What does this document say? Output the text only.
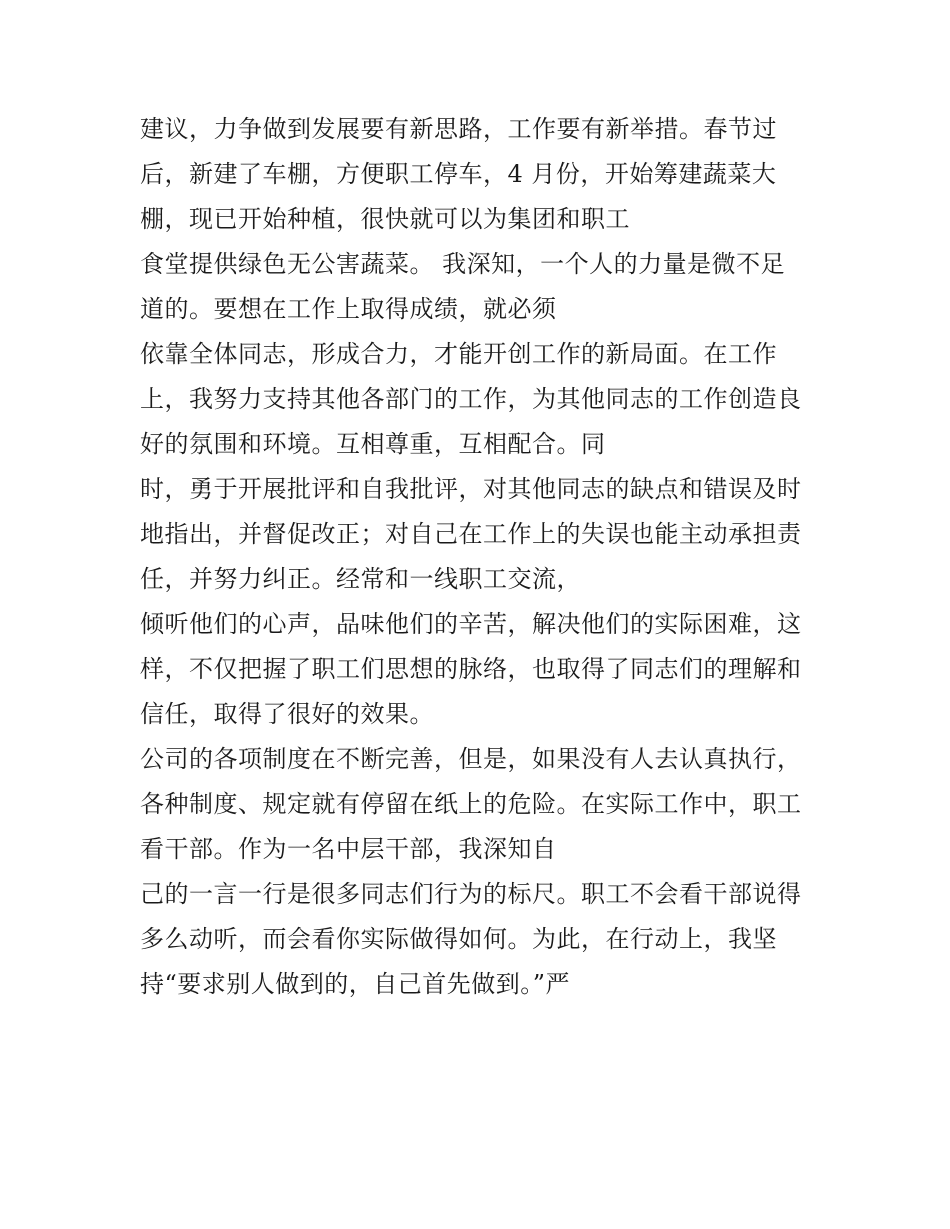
建议，力争做到发展要有新思路，工作要有新举措。春节过
后，新建了车棚，方便职工停车，4 月份，开始筹建蔬菜大
棚，现已开始种植，很快就可以为集团和职工
食堂提供绿色无公害蔬菜。 我深知，一个人的力量是微不足
道的。要想在工作上取得成绩，就必须
依靠全体同志，形成合力，才能开创工作的新局面。在工作
上，我努力支持其他各部门的工作，为其他同志的工作创造良
好的氛围和环境。互相尊重，互相配合。同
时，勇于开展批评和自我批评，对其他同志的缺点和错误及时
地指出，并督促改正；对自己在工作上的失误也能主动承担责
任，并努力纠正。经常和一线职工交流，
倾听他们的心声，品味他们的辛苦，解决他们的实际困难，这
样，不仅把握了职工们思想的脉络，也取得了同志们的理解和
信任，取得了很好的效果。
公司的各项制度在不断完善，但是，如果没有人去认真执行，
各种制度、规定就有停留在纸上的危险。在实际工作中，职工
看干部。作为一名中层干部，我深知自
己的一言一行是很多同志们行为的标尺。职工不会看干部说得
多么动听，而会看你实际做得如何。为此，在行动上，我坚
持“要求别人做到的，自己首先做到。”严
